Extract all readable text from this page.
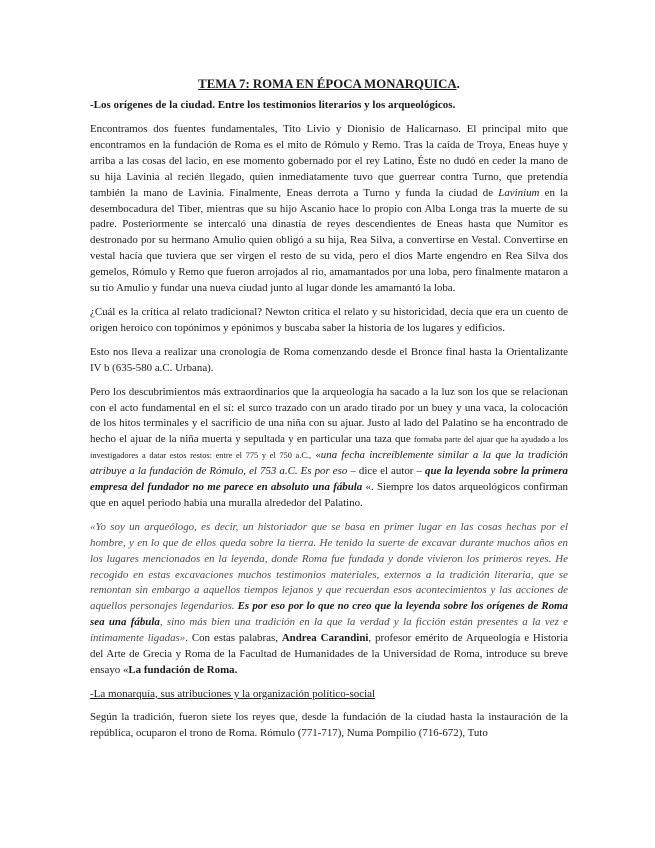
TEMA 7: ROMA EN ÉPOCA MONARQUICA.
-Los orígenes de la ciudad. Entre los testimonios literarios y los arqueológicos.

Encontramos dos fuentes fundamentales, Tito Livio y Dionisio de Halicarnaso. El principal mito que encontramos en la fundación de Roma es el mito de Rómulo y Remo. Tras la caída de Troya, Eneas huye y arriba a las cosas del lacio, en ese momento gobernado por el rey Latino, Éste no dudó en ceder la mano de su hija Lavinia al recién llegado, quien inmediatamente tuvo que guerrear contra Turno, que pretendía también la mano de Lavinia. Finalmente, Eneas derrota a Turno y funda la ciudad de Lavinium en la desembocadura del Tiber, mientras que su hijo Ascanio hace lo propio con Alba Longa tras la muerte de su padre. Posteriormente se intercaló una dinastía de reyes descendientes de Eneas hasta que Numitor es destronado por su hermano Amulio quien obligó a su hija, Rea Silva, a convertirse en Vestal. Convertirse en vestal hacía que tuviera que ser virgen el resto de su vida, pero el dios Marte engendro en Rea Silva dos gemelos, Rómulo y Remo que fueron arrojados al rio, amamantados por una loba, pero finalmente mataron a su tío Amulio y fundar una nueva ciudad junto al lugar donde les amamantó la loba.

¿Cuál es la crítica al relato tradicional? Newton critica el relato y su historicidad, decía que era un cuento de origen heroico con topónimos y epónimos y buscaba saber la historia de los lugares y edificios.

Esto nos lleva a realizar una cronología de Roma comenzando desde el Bronce final hasta la Orientalizante IV b (635-580 a.C. Urbana).

Pero los descubrimientos más extraordinarios que la arqueología ha sacado a la luz son los que se relacionan con el acto fundamental en el sí: el surco trazado con un arado tirado por un buey y una vaca, la colocación de los hitos terminales y el sacrificio de una niña con su ajuar. Justo al lado del Palatino se ha encontrado de hecho el ajuar de la niña muerta y sepultada y en particular una taza que formaba parte del ajuar que ha ayudado a los investigadores a datar estos restos: entre el 775 y el 750 a.C., «una fecha increíblemente similar a la que la tradición atribuye a la fundación de Rómulo, el 753 a.C. Es por eso – dice el autor – que la leyenda sobre la primera empresa del fundador no me parece en absoluto una fábula «. Siempre los datos arqueológicos confirman que en aquel periodo había una muralla alrededor del Palatino.

«Yo soy un arqueólogo, es decir, un historiador que se basa en primer lugar en las cosas hechas por el hombre, y en lo que de ellos queda sobre la tierra. He tenido la suerte de excavar durante muchos años en los lugares mencionados en la leyenda, donde Roma fue fundada y donde vivieron los primeros reyes. He recogido en estas excavaciones muchos testimonios materiales, externos a la tradición literaria, que se remontan sin embargo a aquellos tiempos lejanos y que recuerdan esos acontecimientos y las acciones de aquellos personajes legendarios. Es por eso por lo que no creo que la leyenda sobre los orígenes de Roma sea una fábula, sino más bien una tradición en la que la verdad y la ficción están presentes a la vez e íntimamente ligadas». Con estas palabras, Andrea Carandini, profesor emérito de Arqueología e Historia del Arte de Grecia y Roma de la Facultad de Humanidades de la Universidad de Roma, introduce su breve ensayo «La fundación de Roma.

-La monarquía, sus atribuciones y la organización político-social

Según la tradición, fueron siete los reyes que, desde la fundación de la ciudad hasta la instauración de la república, ocuparon el trono de Roma. Rómulo (771-717), Numa Pompilio (716-672), Tuto
